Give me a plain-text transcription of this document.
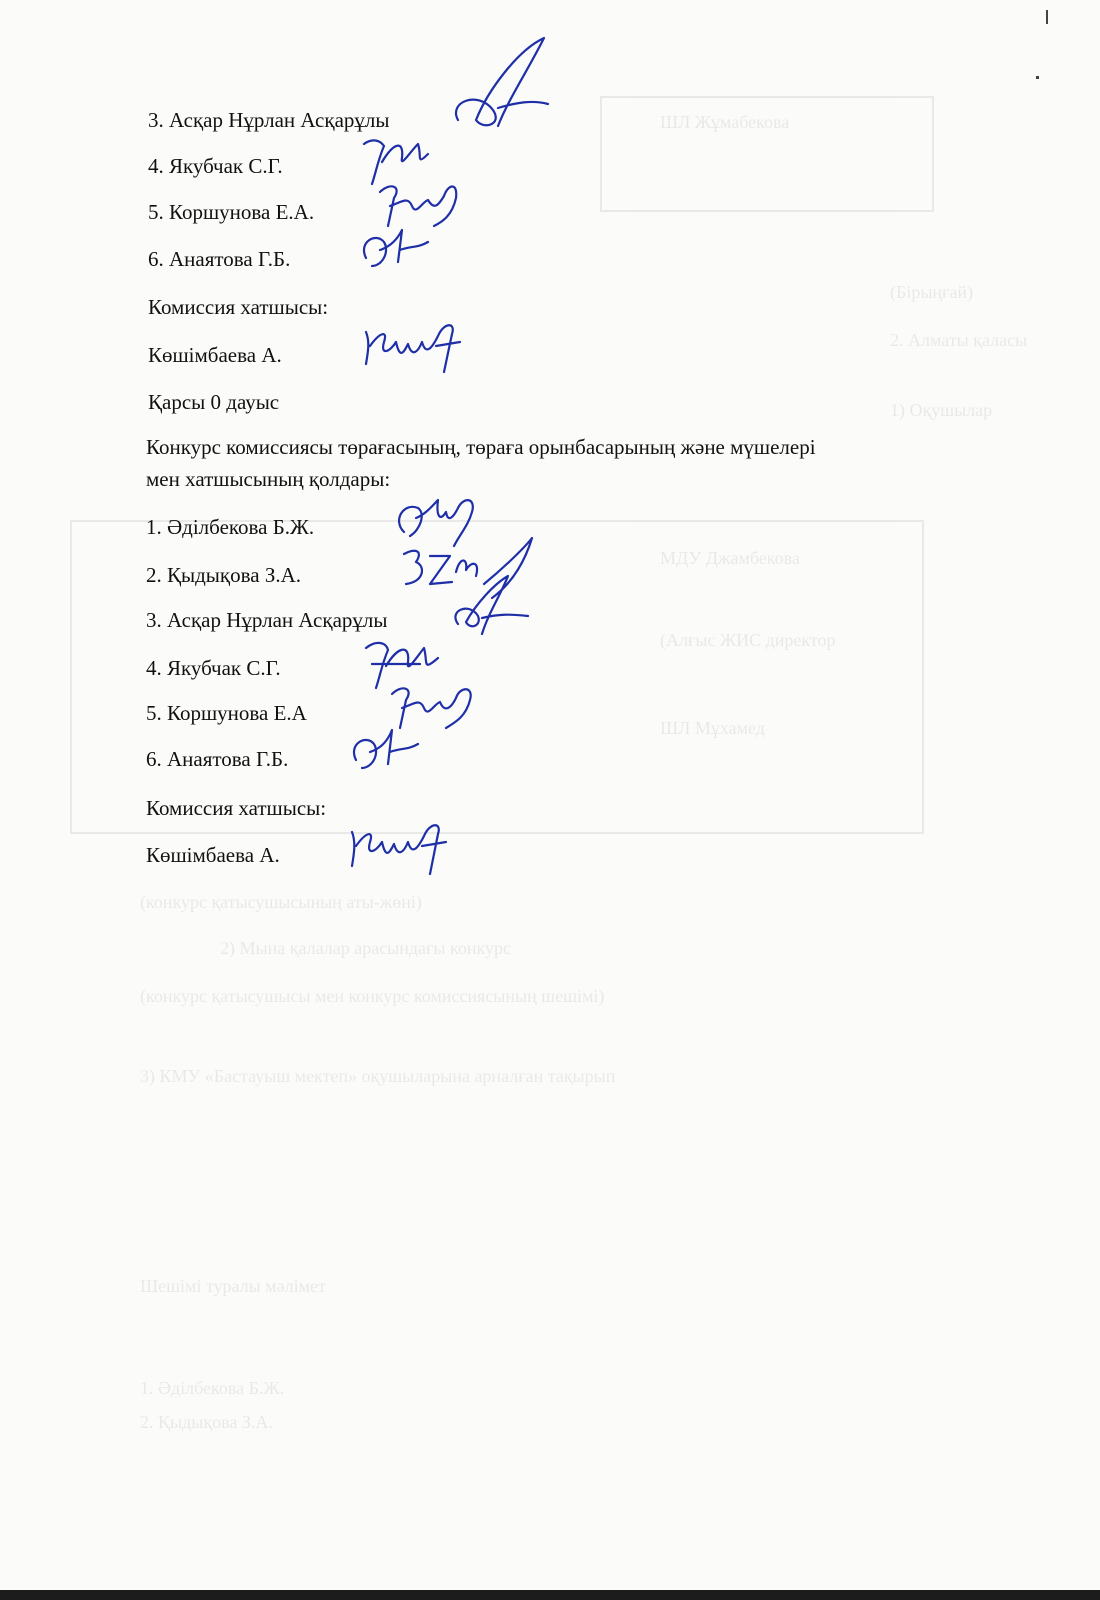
ШЛ Жұмабекова
(Бірыңғай)
2. Алматы қаласы
1) Оқушылар
МДУ Джамбекова
(Алғыс ЖИС директор
ШЛ Мұхамед
(конкурс қатысушысының аты-жөні)
2) Мына қалалар арасындағы конкурс
(конкурс қатысушысы мен конкурс комиссиясының шешімі)
3) КМУ «Бастауыш мектеп» оқушыларына арналған тақырып
Шешімі туралы мәлімет
1. Әділбекова Б.Ж.
2. Қыдықова З.А.
3. Асқар Нұрлан Асқарұлы
4. Якубчак С.Г.
5. Коршунова Е.А.
6. Анаятова Г.Б.
Комиссия хатшысы:
Көшімбаева А.
Қарсы 0 дауыс
Конкурс комиссиясы төрағасының, төраға орынбасарының және мүшелері
мен хатшысының қолдары:
1. Әділбекова Б.Ж.
2. Қыдықова З.А.
3. Асқар Нұрлан Асқарұлы
4. Якубчак С.Г.
5. Коршунова Е.А
6. Анаятова Г.Б.
Комиссия хатшысы:
Көшімбаева А.
